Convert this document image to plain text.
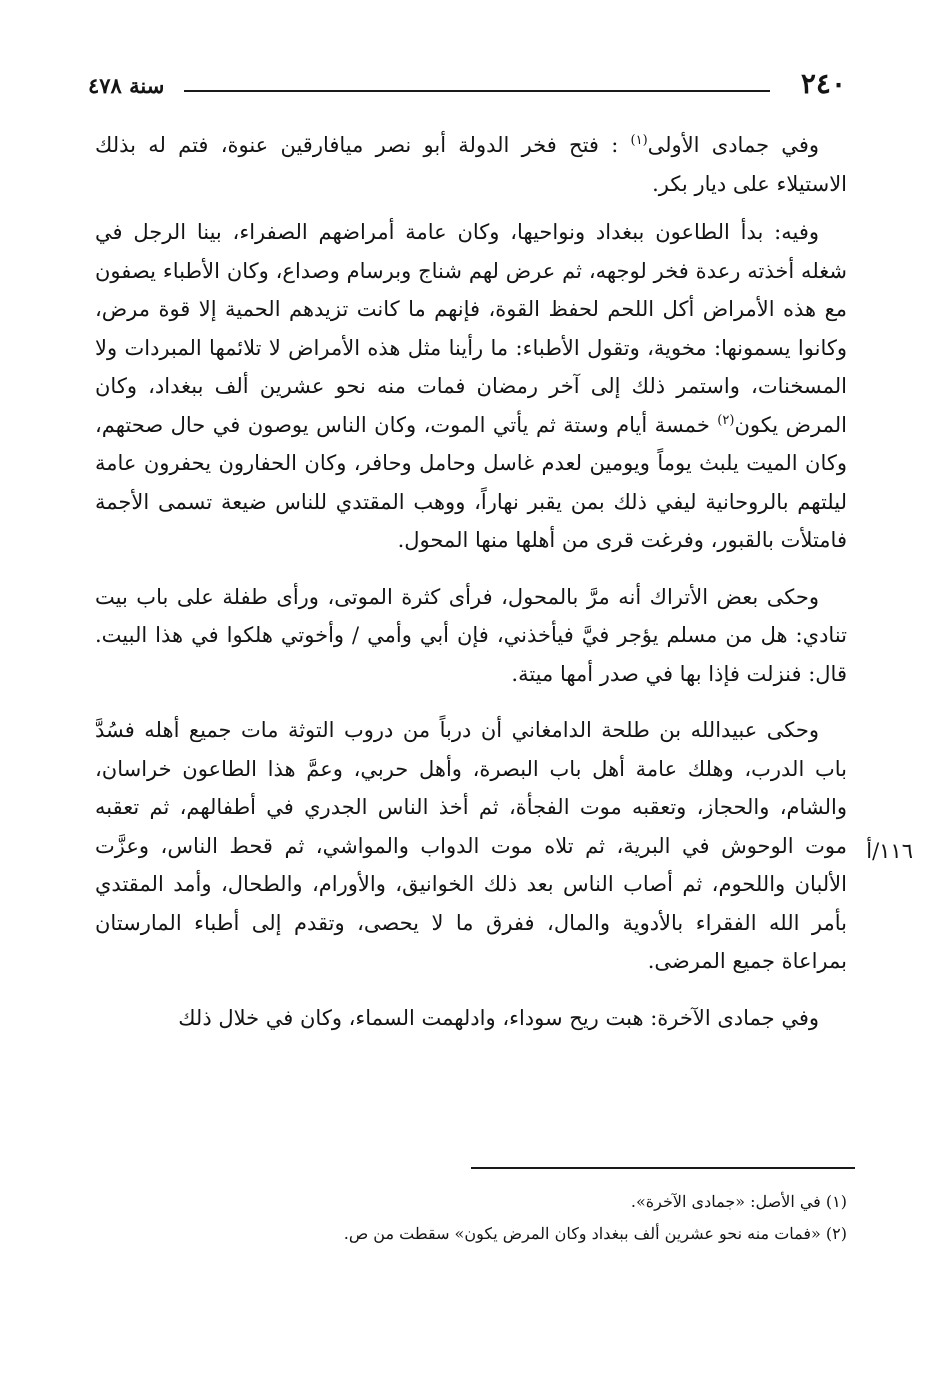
٢٤٠
سنة ٤٧٨
١١٦/أ

وفي جمادى الأولى$^{(١)}$ : فتح فخر الدولة أبو نصر ميافارقين عنوة، فتم له بذلك الاستيلاء على ديار بكر.

وفيه: بدأ الطاعون ببغداد ونواحيها، وكان عامة أمراضهم الصفراء، بينا الرجل في شغله أخذته رعدة فخر لوجهه، ثم عرض لهم شناج وبرسام وصداع، وكان الأطباء يصفون مع هذه الأمراض أكل اللحم لحفظ القوة، فإنهم ما كانت تزيدهم الحمية إلا قوة مرض، وكانوا يسمونها: مخوية، وتقول الأطباء: ما رأينا مثل هذه الأمراض لا تلائمها المبردات ولا المسخنات، واستمر ذلك إلى آخر رمضان فمات منه نحو عشرين ألف ببغداد، وكان المرض يكون$^{(٢)}$ خمسة أيام وستة ثم يأتي الموت، وكان الناس يوصون في حال صحتهم، وكان الميت يلبث يوماً ويومين لعدم غاسل وحامل وحافر، وكان الحفارون يحفرون عامة ليلتهم بالروحانية ليفي ذلك بمن يقبر نهاراً، ووهب المقتدي للناس ضيعة تسمى الأجمة فامتلأت بالقبور، وفرغت قرى من أهلها منها المحول.

وحكى بعض الأتراك أنه مرَّ بالمحول، فرأى كثرة الموتى، ورأى طفلة على باب بيت تنادي: هل من مسلم يؤجر فيَّ فيأخذني، فإن أبي وأمي / وأخوتي هلكوا في هذا البيت. قال: فنزلت فإذا بها في صدر أمها ميتة.

وحكى عبيدالله بن طلحة الدامغاني أن درباً من دروب التوثة مات جميع أهله فسُدَّ باب الدرب، وهلك عامة أهل باب البصرة، وأهل حربي، وعمَّ هذا الطاعون خراسان، والشام، والحجاز، وتعقبه موت الفجأة، ثم أخذ الناس الجدري في أطفالهم، ثم تعقبه موت الوحوش في البرية، ثم تلاه موت الدواب والمواشي، ثم قحط الناس، وعزَّت الألبان واللحوم، ثم أصاب الناس بعد ذلك الخوانيق، والأورام، والطحال، وأمد المقتدي بأمر الله الفقراء بالأدوية والمال، ففرق ما لا يحصى، وتقدم إلى أطباء المارستان بمراعاة جميع المرضى.

وفي جمادى الآخرة: هبت ريح سوداء، وادلهمت السماء، وكان في خلال ذلك

(١) في الأصل: «جمادى الآخرة».

(٢) «فمات منه نحو عشرين ألف ببغداد وكان المرض يكون» سقطت من ص.
